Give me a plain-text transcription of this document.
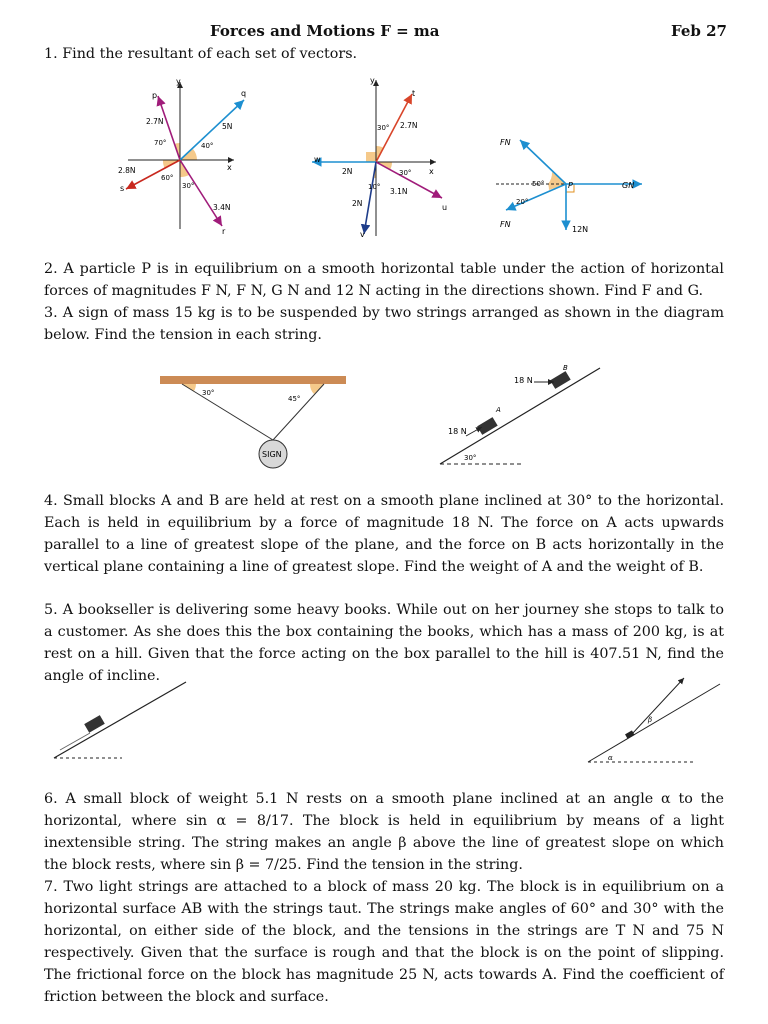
Forces and Motions F = ma	Feb 27

1. Find the resultant of each set of vectors.

y
x
p
2.7N
70°
q
5N
40°
r
3.4N
30°
s
2.8N
60°
y
x
t
2.7N
30°
w
2N
u
3.1N
30°
v
2N
10°
FN
FN
GN
12N
P
50°
20°

2. A particle P is in equilibrium on a smooth horizontal table under the action of horizontal forces of magnitudes F N, F N, G N and 12 N acting in the directions shown. Find F and G.

3. A sign of mass 15 kg is to be suspended by two strings arranged as shown in the diagram below. Find the tension in each string.

SIGN
30°
45°
18 N
B
18 N
A
30°

4. Small blocks A and B are held at rest on a smooth plane inclined at 30° to the horizontal. Each is held in equilibrium by a force of magnitude 18 N. The force on A acts upwards parallel to a line of greatest slope of the plane, and the force on B acts horizontally in the vertical plane containing a line of greatest slope. Find the weight of A and the weight of B.

5. A bookseller is delivering some heavy books. While out on her journey she stops to talk to a customer. As she does this the box containing the books, which has a mass of 200 kg, is at rest on a hill. Given that the force acting on the box parallel to the hill is 407.51 N, find the angle of incline.

β
α

6. A small block of weight 5.1 N rests on a smooth plane inclined at an angle α to the horizontal, where sin α = 8/17. The block is held in equilibrium by means of a light inextensible string. The string makes an angle β above the line of greatest slope on which the block rests, where sin β = 7/25. Find the tension in the string.

7. Two light strings are attached to a block of mass 20 kg. The block is in equilibrium on a horizontal surface AB with the strings taut. The strings make angles of 60° and 30° with the horizontal, on either side of the block, and the tensions in the strings are T N and 75 N respectively. Given that the surface is rough and that the block is on the point of slipping. The frictional force on the block has magnitude 25 N, acts towards A. Find the coefficient of friction between the block and surface.
